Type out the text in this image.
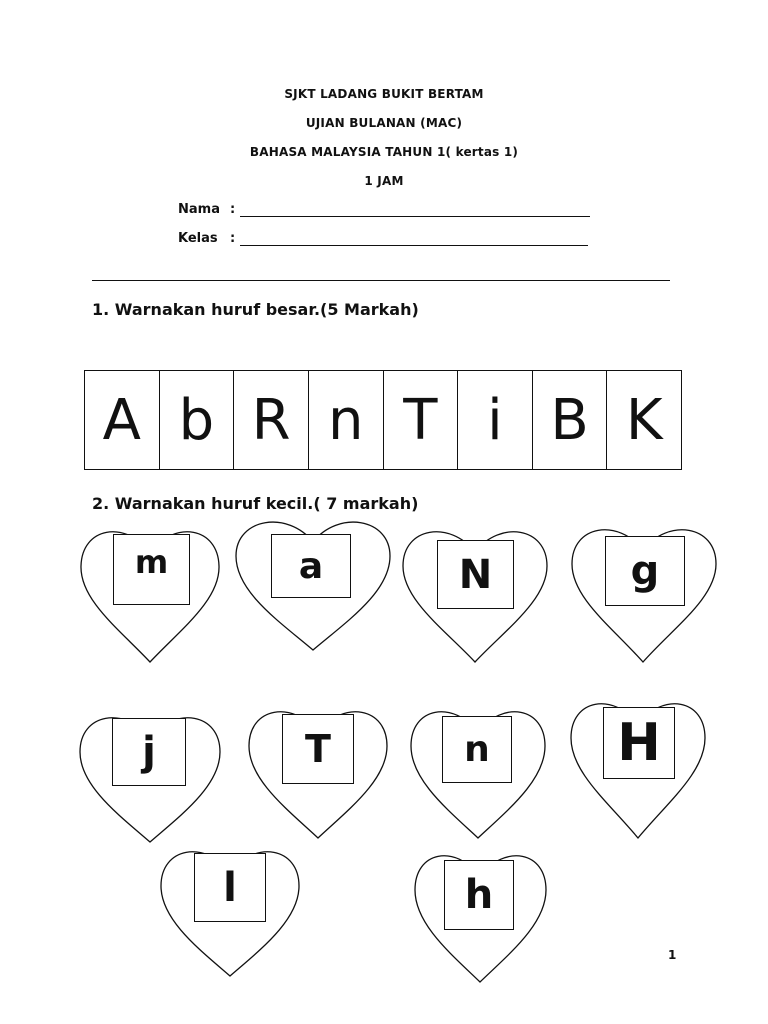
SJKT LADANG BUKIT BERTAM
UJIAN BULANAN (MAC)
BAHASA MALAYSIA TAHUN 1( kertas 1)
1 JAM
Nama :
Kelas :
1. Warnakan huruf besar.(5 Markah)
A b R n T i B K
2. Warnakan huruf kecil.( 7 markah)
m	a	N	g
j	T	n	H
l	h
1
